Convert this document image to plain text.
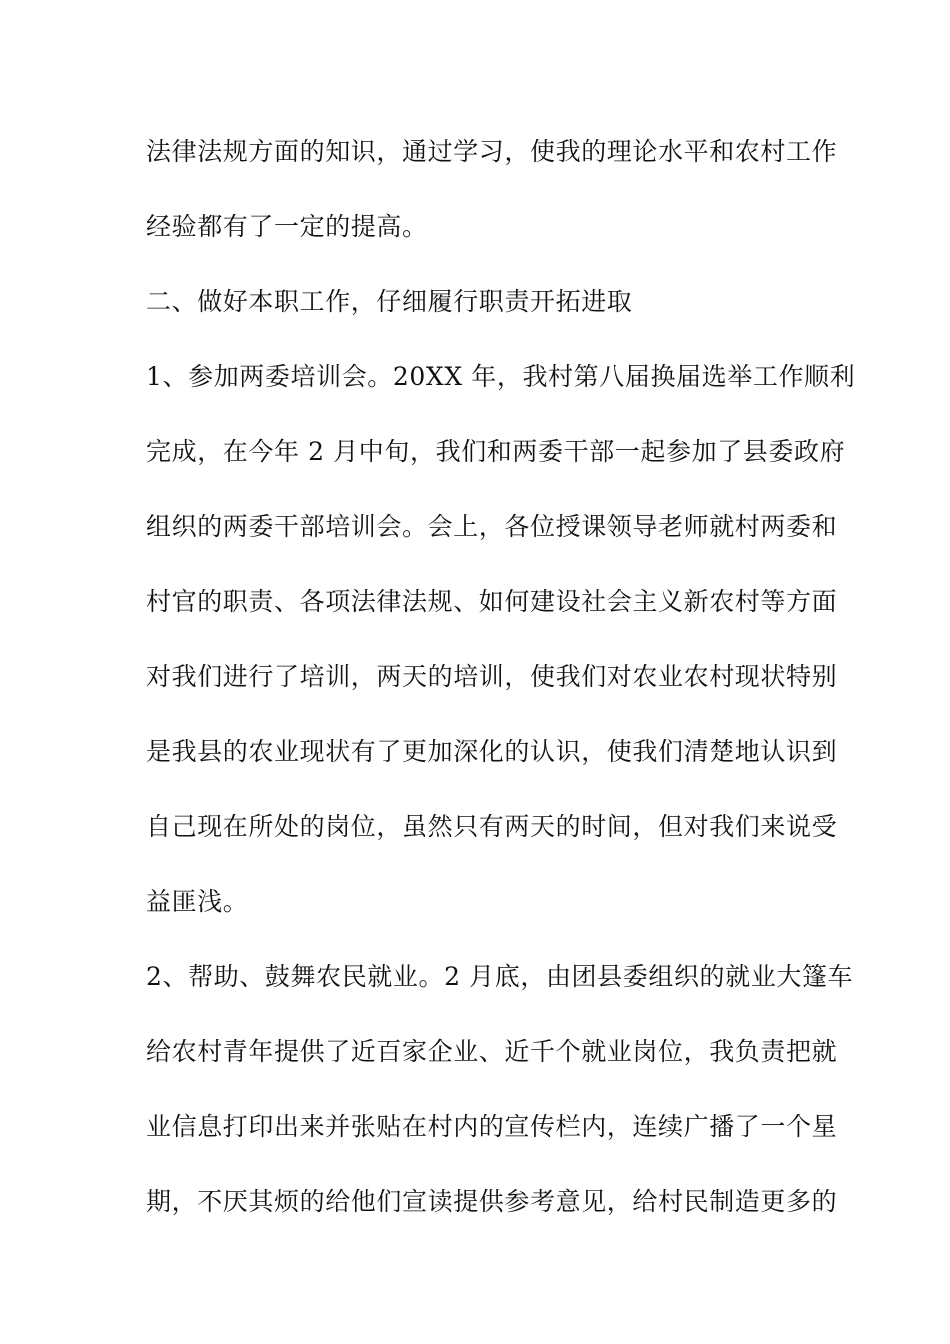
法律法规方面的知识，通过学习，使我的理论水平和农村工作
经验都有了一定的提高。
二、做好本职工作，仔细履行职责开拓进取
1、参加两委培训会。20XX 年，我村第八届换届选举工作顺利
完成，在今年 2 月中旬，我们和两委干部一起参加了县委政府
组织的两委干部培训会。会上，各位授课领导老师就村两委和
村官的职责、各项法律法规、如何建设社会主义新农村等方面
对我们进行了培训，两天的培训，使我们对农业农村现状特别
是我县的农业现状有了更加深化的认识，使我们清楚地认识到
自己现在所处的岗位，虽然只有两天的时间，但对我们来说受
益匪浅。
2、帮助、鼓舞农民就业。2 月底，由团县委组织的就业大篷车
给农村青年提供了近百家企业、近千个就业岗位，我负责把就
业信息打印出来并张贴在村内的宣传栏内，连续广播了一个星
期，不厌其烦的给他们宣读提供参考意见，给村民制造更多的
